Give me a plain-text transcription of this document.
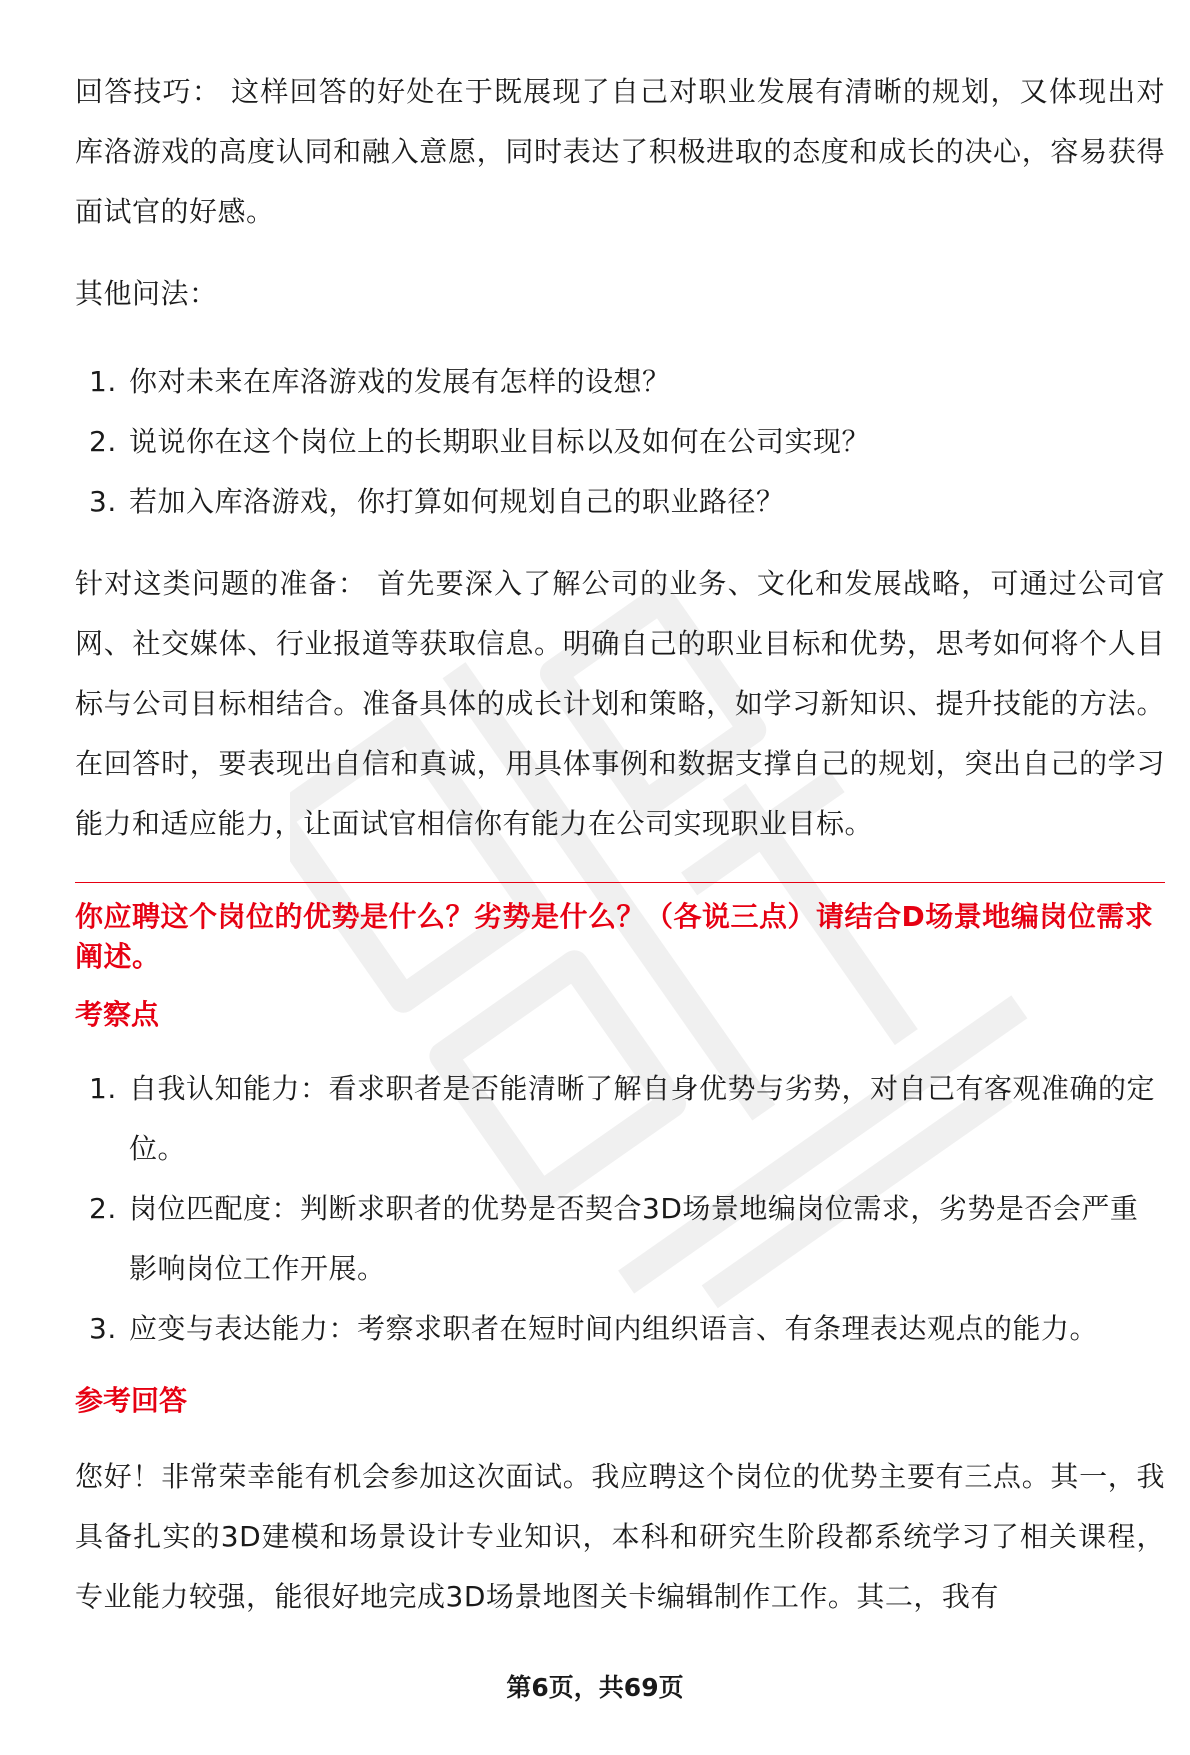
回答技巧： 这样回答的好处在于既展现了自己对职业发展有清晰的规划，又体现出对库洛游戏的高度认同和融入意愿，同时表达了积极进取的态度和成长的决心，容易获得面试官的好感。

其他问法：

1. 你对未来在库洛游戏的发展有怎样的设想？
2. 说说你在这个岗位上的长期职业目标以及如何在公司实现？
3. 若加入库洛游戏，你打算如何规划自己的职业路径？

针对这类问题的准备： 首先要深入了解公司的业务、文化和发展战略，可通过公司官网、社交媒体、行业报道等获取信息。明确自己的职业目标和优势，思考如何将个人目标与公司目标相结合。准备具体的成长计划和策略，如学习新知识、提升技能的方法。在回答时，要表现出自信和真诚，用具体事例和数据支撑自己的规划，突出自己的学习能力和适应能力，让面试官相信你有能力在公司实现职业目标。

你应聘这个岗位的优势是什么？劣势是什么？（各说三点）请结合D场景地编岗位需求阐述。

考察点

1. 自我认知能力：看求职者是否能清晰了解自身优势与劣势，对自己有客观准确的定位。
2. 岗位匹配度：判断求职者的优势是否契合3D场景地编岗位需求，劣势是否会严重影响岗位工作开展。
3. 应变与表达能力：考察求职者在短时间内组织语言、有条理表达观点的能力。

参考回答

您好！非常荣幸能有机会参加这次面试。我应聘这个岗位的优势主要有三点。其一，我具备扎实的3D建模和场景设计专业知识，本科和研究生阶段都系统学习了相关课程，专业能力较强，能很好地完成3D场景地图关卡编辑制作工作。其二，我有

第6页，共69页
